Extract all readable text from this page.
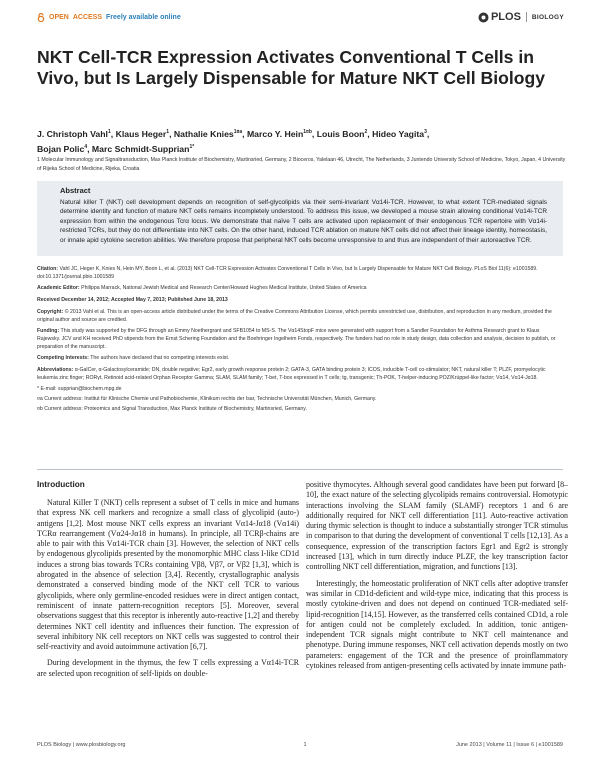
OPEN ACCESS Freely available online	PLOS BIOLOGY
NKT Cell-TCR Expression Activates Conventional T Cells in Vivo, but Is Largely Dispensable for Mature NKT Cell Biology
J. Christoph Vahl$^1$, Klaus Heger$^1$, Nathalie Knies$^{1¤a}$, Marco Y. Hein$^{1¤b}$, Louis Boon$^2$, Hideo Yagita$^3$,
Bojan Polic$^4$, Marc Schmidt-Supprian$^{1*}$

1 Molecular Immunology and Signaltransduction, Max Planck Institute of Biochemistry, Martinsried, Germany, 2 Bioceros, Yalelaan 46, Utrecht, The Netherlands, 3 Juntendo University School of Medicine, Tokyo, Japan, 4 University of Rijeka School of Medicine, Rijeka, Croatia

Abstract

Natural killer T (NKT) cell development depends on recognition of self-glycolipids via their semi-invariant Vα14i-TCR. However, to what extent TCR-mediated signals determine identity and function of mature NKT cells remains incompletely understood. To address this issue, we developed a mouse strain allowing conditional Vα14i-TCR expression from within the endogenous Tcrα locus. We demonstrate that naïve T cells are activated upon replacement of their endogenous TCR repertoire with Vα14i-restricted TCRs, but they do not differentiate into NKT cells. On the other hand, induced TCR ablation on mature NKT cells did not affect their lineage identity, homeostasis, or innate apid cytokine secretion abilities. We therefore propose that peripheral NKT cells become unresponsive to and thus are independent of their autoreactive TCR.

Citation: Vahl JC, Heger K, Knies N, Hein MY, Boon L, et al. (2013) NKT Cell-TCR Expression Activates Conventional T Cells in Vivo, but Is Largely Dispensable for Mature NKT Cell Biology. PLoS Biol 11(6): e1001589. doi:10.1371/journal.pbio.1001589

Academic Editor: Philippa Marrack, National Jewish Medical and Research Center/Howard Hughes Medical Institute, United States of America

Received December 14, 2012; Accepted May 7, 2013; Published June 18, 2013

Copyright: © 2013 Vahl et al. This is an open-access article distributed under the terms of the Creative Commons Attribution License, which permits unrestricted use, distribution, and reproduction in any medium, provided the original author and source are credited.

Funding: This study was supported by the DFG through an Emmy Noethergrant and SFB1054 to MS-S. The Vα14StopF mice were generated with support from a Sandler Foundation for Asthma Research grant to Klaus Rajewsky. JCV and KH received PhD stipends from the Ernst Schering Foundation and the Boehringer Ingelheim Fonds, respectively. The funders had no role in study design, data collection and analysis, decision to publish, or preparation of the manuscript.

Competing Interests: The authors have declared that no competing interests exist.

Abbreviations: α-GalCer, α-Galactosylceramide; DN, double negative; Egr2, early growth response protein 2; GATA-3, GATA binding protein 3; ICOS, inducible T-cell co-stimulator; NKT, natural killer T; PLZF, promyelocytic leukemia zinc finger; RORγt, Retinoid acid-related Orphan Receptor Gamma; SLAM, SLAM family; T-bet, T-box expressed in T cells; tg, transgenic; Th-POK, T-helper-inducing POZ/Krüppel-like factor; Vα14, Vα14-Jα18.

* E-mail: supprian@biochem.mpg.de

¤a Current address: Institut für Klinische Chemie und Pathobiochemie, Klinikum rechts der Isar, Technische Universität München, Munich, Germany.

¤b Current address: Proteomics and Signal Transduction, Max Planck Institute of Biochemistry, Martinsried, Germany.

Introduction

Natural Killer T (NKT) cells represent a subset of T cells in mice and humans that express NK cell markers and recognize a small class of glycolipid (auto-) antigens [1,2]. Most mouse NKT cells express an invariant Vα14-Jα18 (Vα14i) TCRα rearrangement (Vα24-Jα18 in humans). In principle, all TCRβ-chains are able to pair with this Vα14i-TCR chain [3]. However, the selection of NKT cells by endogenous glycolipids presented by the monomorphic MHC class I-like CD1d induces a strong bias towards TCRs containing Vβ8, Vβ7, or Vβ2 [1,3], which is abrogated in the absence of selection [3,4]. Recently, crystallographic analysis demonstrated a conserved binding mode of the NKT cell TCR to various glycolipids, where only germline-encoded residues were in direct antigen contact, reminiscent of innate pattern-recognition receptors [5]. Moreover, several observations suggest that this receptor is inherently auto-reactive [1,2] and thereby determines NKT cell identity and influences their function. The expression of several inhibitory NK cell receptors on NKT cells was suggested to control their self-reactivity and avoid autoimmune activation [6,7].

During development in the thymus, the few T cells expressing a Vα14i-TCR are selected upon recognition of self-lipids on double-

positive thymocytes. Although several good candidates have been put forward [8–10], the exact nature of the selecting glycolipids remains controversial. Homotypic interactions involving the SLAM family (SLAMF) receptors 1 and 6 are additionally required for NKT cell differentiation [11]. Auto-reactive activation during thymic selection is thought to induce a substantially stronger TCR stimulus in comparison to that during the development of conventional T cells [12,13]. As a consequence, expression of the transcription factors Egr1 and Egr2 is strongly increased [13], which in turn directly induce PLZF, the key transcription factor controlling NKT cell differentiation, migration, and functions [13].

Interestingly, the homeostatic proliferation of NKT cells after adoptive transfer was similar in CD1d-deficient and wild-type mice, indicating that this process is mostly cytokine-driven and does not depend on continued TCR-mediated self-lipid-recognition [14,15]. However, as the transferred cells contained CD1d, a role for antigen could not be completely excluded. In addition, tonic antigen-independent TCR signals might contribute to NKT cell maintenance and phenotype. During immune responses, NKT cell activation depends mostly on two parameters: engagement of the TCR and the presence of proinflammatory cytokines released from antigen-presenting cells activated by innate immune path-

PLOS Biology | www.plosbiology.org	1	June 2013 | Volume 11 | Issue 6 | e1001589
